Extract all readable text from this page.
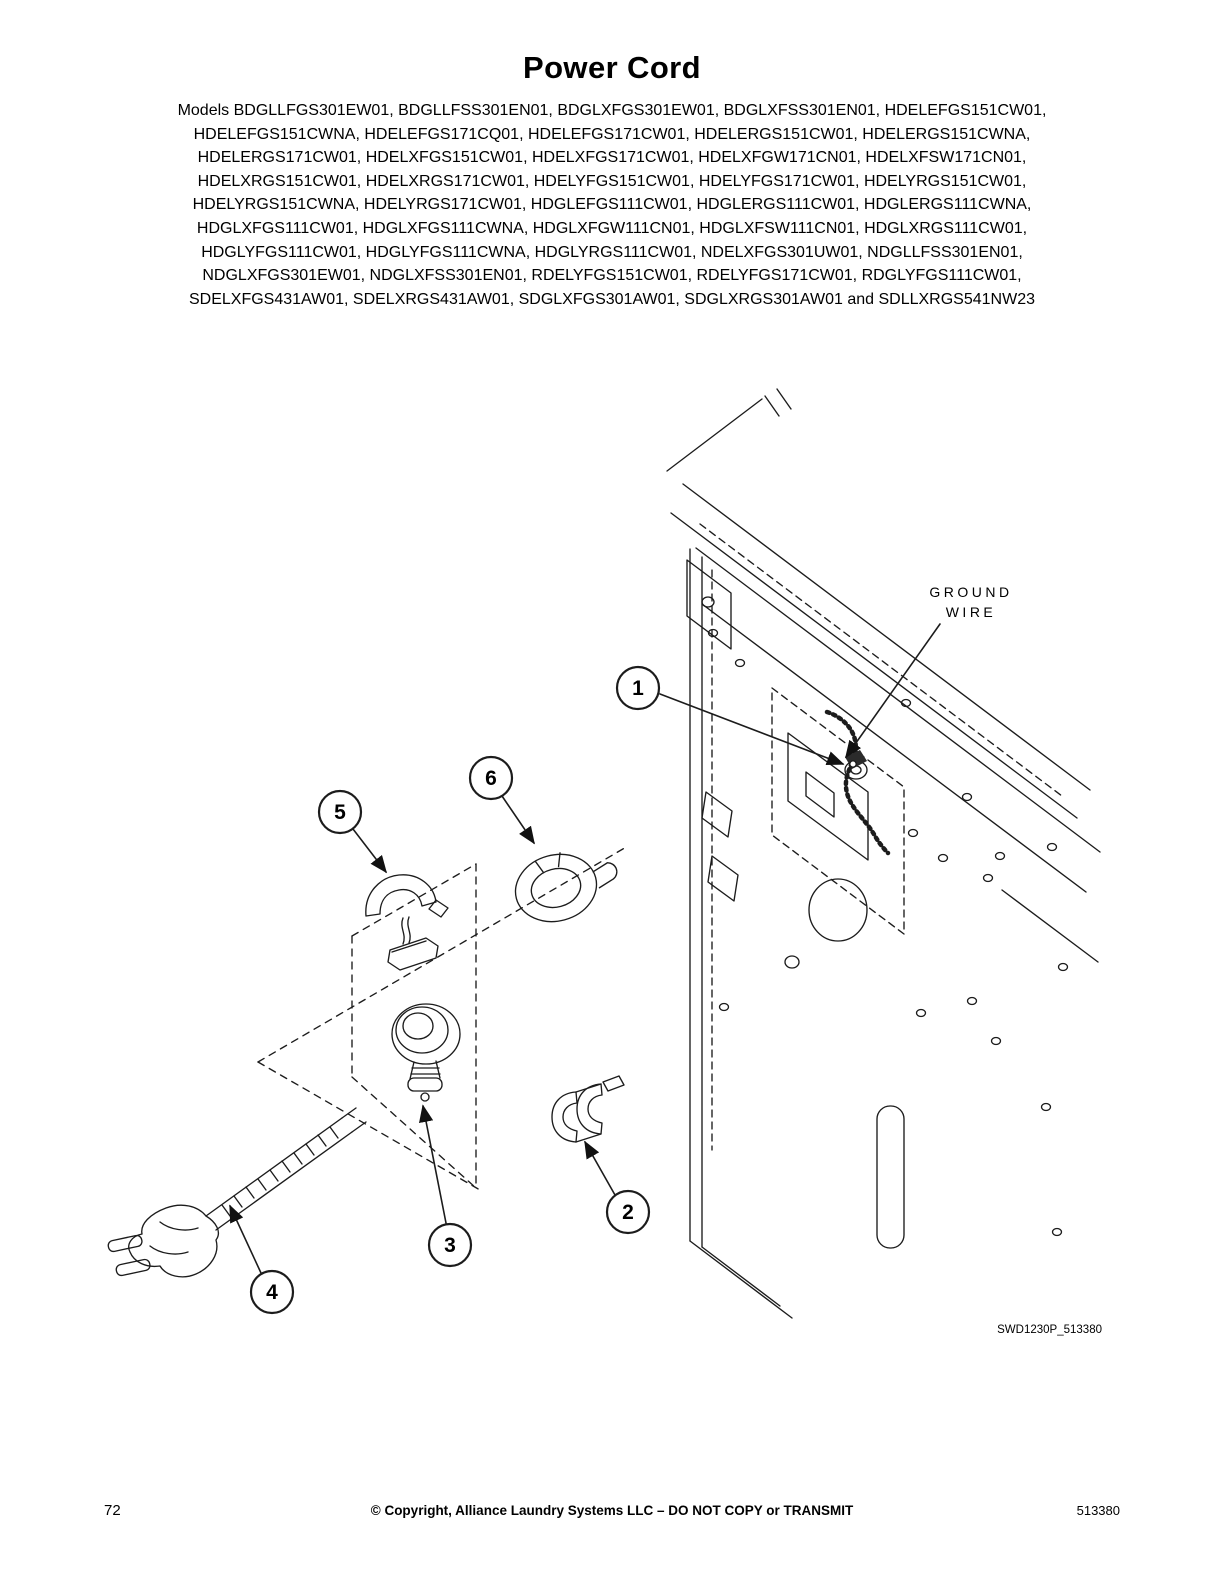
Power Cord
Models BDGLLFGS301EW01, BDGLLFSS301EN01, BDGLXFGS301EW01, BDGLXFSS301EN01, HDELEFGS151CW01,
HDELEFGS151CWNA, HDELEFGS171CQ01, HDELEFGS171CW01, HDELERGS151CW01, HDELERGS151CWNA,
HDELERGS171CW01, HDELXFGS151CW01, HDELXFGS171CW01, HDELXFGW171CN01, HDELXFSW171CN01,
HDELXRGS151CW01, HDELXRGS171CW01, HDELYFGS151CW01, HDELYFGS171CW01, HDELYRGS151CW01,
HDELYRGS151CWNA, HDELYRGS171CW01, HDGLEFGS111CW01, HDGLERGS111CW01, HDGLERGS111CWNA,
HDGLXFGS111CW01, HDGLXFGS111CWNA, HDGLXFGW111CN01, HDGLXFSW111CN01, HDGLXRGS111CW01,
HDGLYFGS111CW01, HDGLYFGS111CWNA, HDGLYRGS111CW01, NDELXFGS301UW01, NDGLLFSS301EN01,
NDGLXFGS301EW01, NDGLXFSS301EN01, RDELYFGS151CW01, RDELYFGS171CW01, RDGLYFGS111CW01,
SDELXFGS431AW01, SDELXRGS431AW01, SDGLXFGS301AW01, SDGLXRGS301AW01 and SDLLXRGS541NW23
GROUND
WIRE
1
6
5
3
2
4
SWD1230P_513380
72	© Copyright, Alliance Laundry Systems LLC – DO NOT COPY or TRANSMIT	513380
